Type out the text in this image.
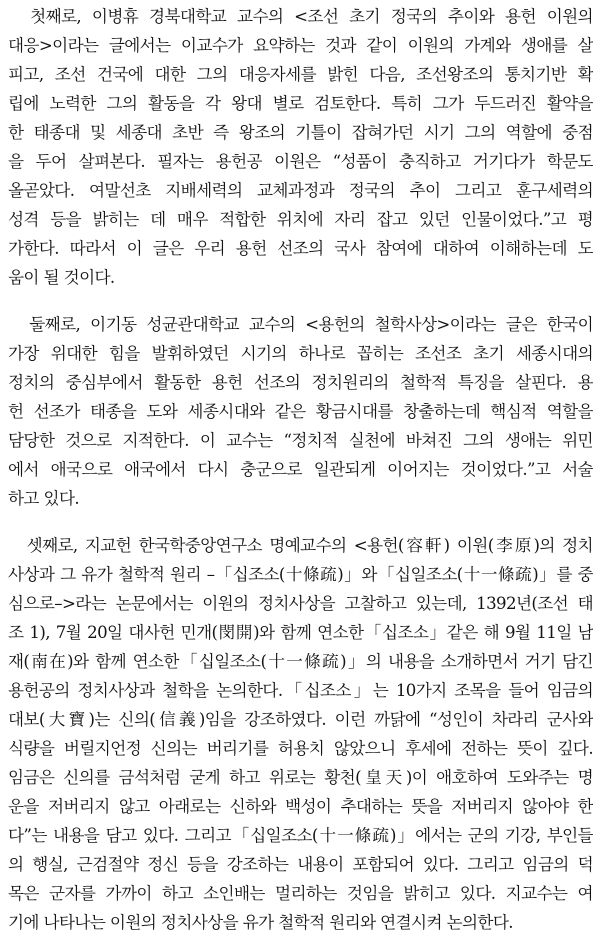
　첫째로, 이병휴 경북대학교 교수의 <조선 초기 정국의 추이와 용헌 이원의
대응>이라는 글에서는 이교수가 요약하는 것과 같이 이원의 가계와 생애를 살
피고, 조선 건국에 대한 그의 대응자세를 밝힌 다음, 조선왕조의 통치기반 확
립에 노력한 그의 활동을 각 왕대 별로 검토한다. 특히 그가 두드러진 활약을
한 태종대 및 세종대 초반 즉 왕조의 기틀이 잡혀가던 시기 그의 역할에 중점
을 두어 살펴본다. 필자는 용헌공 이원은 “성품이 충직하고 거기다가 학문도
올곧았다. 여말선초 지배세력의 교체과정과 정국의 추이 그리고 훈구세력의
성격 등을 밝히는 데 매우 적합한 위치에 자리 잡고 있던 인물이었다.”고 평
가한다. 따라서 이 글은 우리 용헌 선조의 국사 참여에 대하여 이해하는데 도
움이 될 것이다.
　둘째로, 이기동 성균관대학교 교수의 <용헌의 철학사상>이라는 글은 한국이
가장 위대한 힘을 발휘하였던 시기의 하나로 꼽히는 조선조 초기 세종시대의
정치의 중심부에서 활동한 용헌 선조의 정치원리의 철학적 특징을 살핀다. 용
헌 선조가 태종을 도와 세종시대와 같은 황금시대를 창출하는데 핵심적 역할을
담당한 것으로 지적한다. 이 교수는 “정치적 실천에 바쳐진 그의 생애는 위민
에서 애국으로 애국에서 다시 충군으로 일관되게 이어지는 것이었다.”고 서술
하고 있다.
　셋째로, 지교헌 한국학중앙연구소 명예교수의 <용헌(容軒) 이원(李原)의 정치
사상과 그 유가 철학적 원리 –「십조소(十條疏)」와「십일조소(十一條疏)」를 중
심으로–>라는 논문에서는 이원의 정치사상을 고찰하고 있는데, 1392년(조선 태
조 1), 7월 20일 대사헌 민개(閔開)와 함께 연소한「십조소」같은 해 9월 11일 남
재(南在)와 함께 연소한「십일조소(十一條疏)」의 내용을 소개하면서 거기 담긴
용헌공의 정치사상과 철학을 논의한다.「십조소」는 10가지 조목을 들어 임금의
대보(大寶)는 신의(信義)임을 강조하였다. 이런 까닭에 “성인이 차라리 군사와
식량을 버릴지언정 신의는 버리기를 허용치 않았으니 후세에 전하는 뜻이 깊다.
임금은 신의를 금석처럼 굳게 하고 위로는 황천(皇天)이 애호하여 도와주는 명
운을 저버리지 않고 아래로는 신하와 백성이 추대하는 뜻을 저버리지 않아야 한
다”는 내용을 담고 있다. 그리고「십일조소(十一條疏)」에서는 군의 기강, 부인들
의 행실, 근검절약 정신 등을 강조하는 내용이 포함되어 있다. 그리고 임금의 덕
목은 군자를 가까이 하고 소인배는 멀리하는 것임을 밝히고 있다. 지교수는 여
기에 나타나는 이원의 정치사상을 유가 철학적 원리와 연결시켜 논의한다.
